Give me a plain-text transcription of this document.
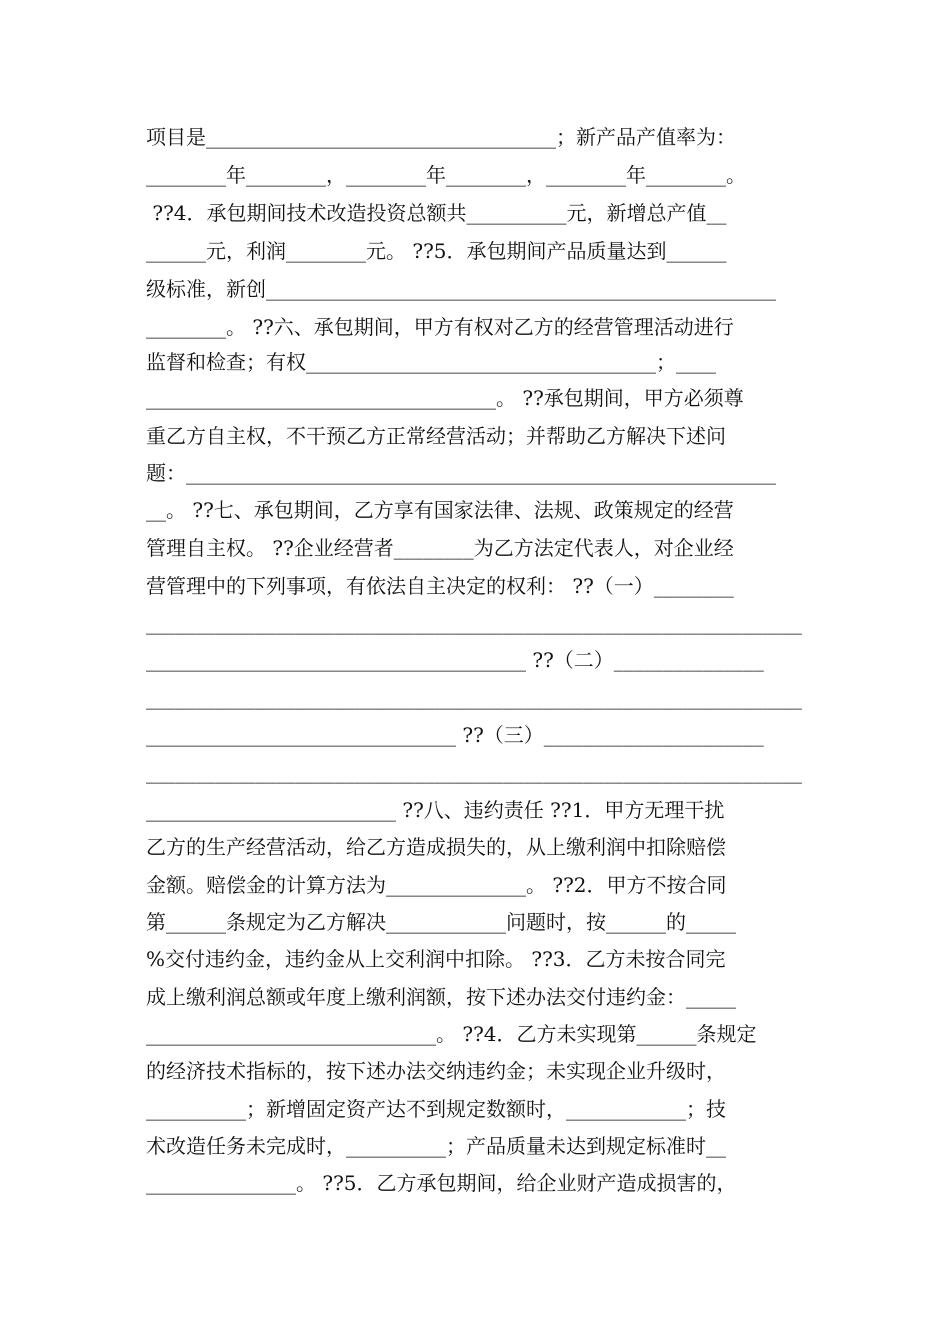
项目是___________________________________；新产品产值率为：
________年________，________年________，________年________。
??4．承包期间技术改造投资总额共__________元，新增总产值__
______元，利润________元。 ??5．承包期间产品质量达到______
级标准，新创___________________________________________________
________。 ??六、承包期间，甲方有权对乙方的经营管理活动进行
监督和检查；有权___________________________________；____
___________________________________。 ??承包期间，甲方必须尊
重乙方自主权，不干预乙方正常经营活动；并帮助乙方解决下述问
题：___________________________________________________________
__。 ??七、承包期间，乙方享有国家法律、法规、政策规定的经营
管理自主权。 ??企业经营者________为乙方法定代表人，对企业经
营管理中的下列事项，有依法自主决定的权利： ??（一）________
__________________________________________________________________
______________________________________ ??（二）_______________
__________________________________________________________________
_______________________________ ??（三）______________________
__________________________________________________________________
_________________________ ??八、违约责任 ??1．甲方无理干扰
乙方的生产经营活动，给乙方造成损失的，从上缴利润中扣除赔偿
金额。赔偿金的计算方法为______________。 ??2．甲方不按合同
第______条规定为乙方解决____________问题时，按______的_____
%交付违约金，违约金从上交利润中扣除。 ??3．乙方未按合同完
成上缴利润总额或年度上缴利润额，按下述办法交付违约金：_____
_____________________________。 ??4．乙方未实现第______条规定
的经济技术指标的，按下述办法交纳违约金；未实现企业升级时，
__________；新增固定资产达不到规定数额时，____________；技
术改造任务未完成时，__________；产品质量未达到规定标准时__
_______________。 ??5．乙方承包期间，给企业财产造成损害的，
